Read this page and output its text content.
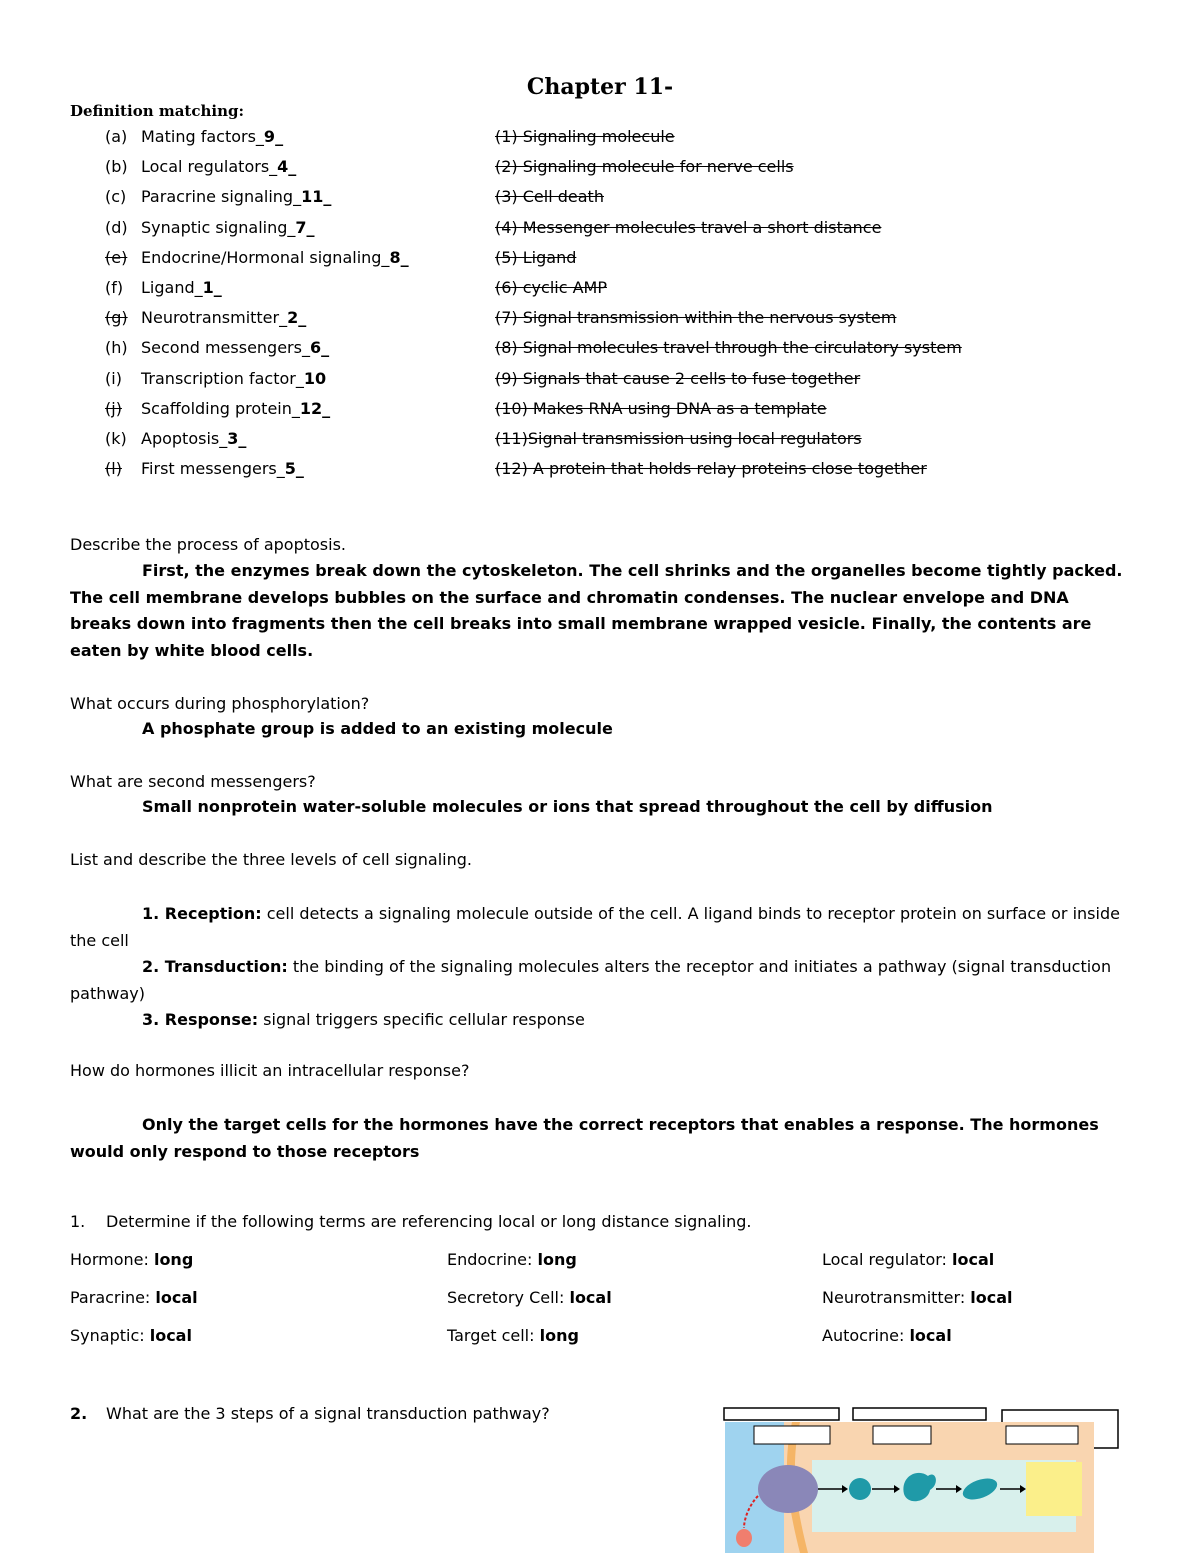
Chapter 11-
Definition matching:
(a) Mating factors_9_	(1) Signaling molecule
(b) Local regulators_4_	(2) Signaling molecule for nerve cells
(c) Paracrine signaling_11_	(3) Cell death
(d) Synaptic signaling_7_	(4) Messenger molecules travel a short distance
(e) Endocrine/Hormonal signaling_8_	(5) Ligand
(f) Ligand_1_	(6) cyclic AMP
(g) Neurotransmitter_2_	(7) Signal transmission within the nervous system
(h) Second messengers_6_	(8) Signal molecules travel through the circulatory system
(i) Transcription factor_10	(9) Signals that cause 2 cells to fuse together
(j) Scaffolding protein_12_	(10) Makes RNA using DNA as a template
(k) Apoptosis_3_	(11)Signal transmission using local regulators
(l) First messengers_5_	(12) A protein that holds relay proteins close together
Describe the process of apoptosis.
First, the enzymes break down the cytoskeleton. The cell shrinks and the organelles become tightly packed. The cell membrane develops bubbles on the surface and chromatin condenses. The nuclear envelope and DNA breaks down into fragments then the cell breaks into small membrane wrapped vesicle. Finally, the contents are eaten by white blood cells.
What occurs during phosphorylation?
A phosphate group is added to an existing molecule
What are second messengers?
Small nonprotein water-soluble molecules or ions that spread throughout the cell by diffusion
List and describe the three levels of cell signaling.
1. Reception: cell detects a signaling molecule outside of the cell. A ligand binds to receptor protein on surface or inside the cell
2. Transduction: the binding of the signaling molecules alters the receptor and initiates a pathway (signal transduction pathway)
3. Response: signal triggers specific cellular response
How do hormones illicit an intracellular response?
Only the target cells for the hormones have the correct receptors that enables a response. The hormones would only respond to those receptors
1. Determine if the following terms are referencing local or long distance signaling.
Hormone: long	Endocrine: long	Local regulator: local
Paracrine: local	Secretory Cell: local	Neurotransmitter: local
Synaptic: local	Target cell: long	Autocrine: local
2. What are the 3 steps of a signal transduction pathway?
